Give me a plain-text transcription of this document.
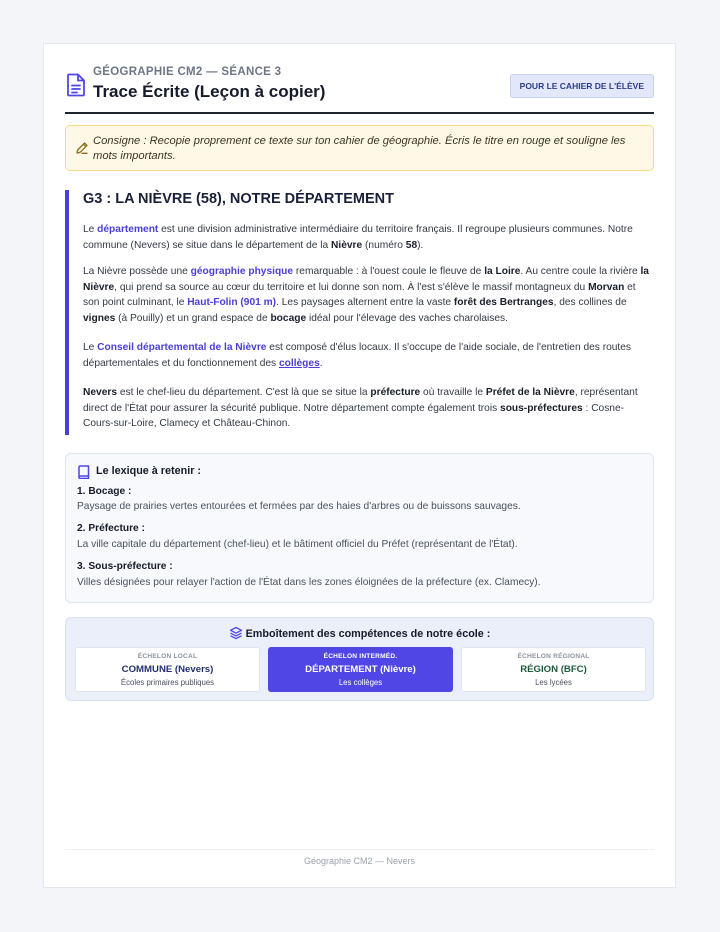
GÉOGRAPHIE CM2 — SÉANCE 3
Trace Écrite (Leçon à copier)	POUR LE CAHIER DE L'ÉLÈVE
Consigne : Recopie proprement ce texte sur ton cahier de géographie. Écris le titre en rouge et souligne les mots importants.
G3 : LA NIÈVRE (58), NOTRE DÉPARTEMENT
Le département est une division administrative intermédiaire du territoire français. Il regroupe plusieurs communes. Notre commune (Nevers) se situe dans le département de la Nièvre (numéro 58).
La Nièvre possède une géographie physique remarquable : à l'ouest coule le fleuve de la Loire. Au centre coule la rivière la Nièvre, qui prend sa source au cœur du territoire et lui donne son nom. À l'est s'élève le massif montagneux du Morvan et son point culminant, le Haut-Folin (901 m). Les paysages alternent entre la vaste forêt des Bertranges, des collines de vignes (à Pouilly) et un grand espace de bocage idéal pour l'élevage des vaches charolaises.
Le Conseil départemental de la Nièvre est composé d'élus locaux. Il s'occupe de l'aide sociale, de l'entretien des routes départementales et du fonctionnement des collèges.
Nevers est le chef-lieu du département. C'est là que se situe la préfecture où travaille le Préfet de la Nièvre, représentant direct de l'État pour assurer la sécurité publique. Notre département compte également trois sous-préfectures : Cosne-Cours-sur-Loire, Clamecy et Château-Chinon.
Le lexique à retenir :
1. Bocage :
Paysage de prairies vertes entourées et fermées par des haies d'arbres ou de buissons sauvages.
2. Préfecture :
La ville capitale du département (chef-lieu) et le bâtiment officiel du Préfet (représentant de l'État).
3. Sous-préfecture :
Villes désignées pour relayer l'action de l'État dans les zones éloignées de la préfecture (ex. Clamecy).
Emboîtement des compétences de notre école :
ÉCHELON LOCAL
COMMUNE (Nevers)
Écoles primaires publiques
ÉCHELON INTERMÉD.
DÉPARTEMENT (Nièvre)
Les collèges
ÉCHELON RÉGIONAL
RÉGION (BFC)
Les lycées
Géographie CM2 — Nevers
